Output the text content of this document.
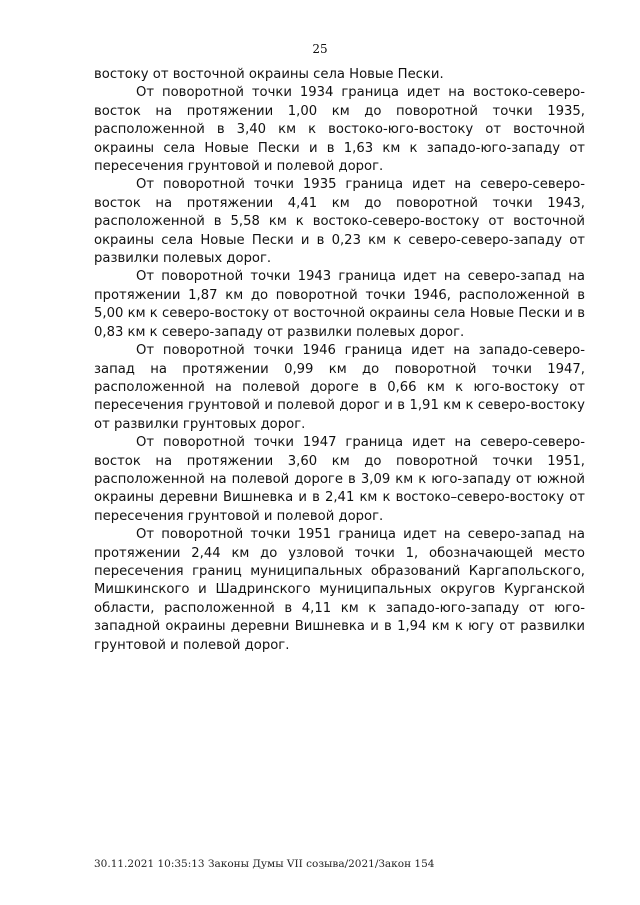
25

востоку от восточной окраины села Новые Пески.

От поворотной точки 1934 граница идет на востоко-северо-восток на протяжении 1,00 км до поворотной точки 1935, расположенной в 3,40 км к востоко-юго-востоку от восточной окраины села Новые Пески и в 1,63 км к западо-юго-западу от пересечения грунтовой и полевой дорог.

От поворотной точки 1935 граница идет на северо-северо-восток на протяжении 4,41 км до поворотной точки 1943, расположенной в 5,58 км к востоко-северо-востоку от восточной окраины села Новые Пески и в 0,23 км к северо-северо-западу от развилки полевых дорог.

От поворотной точки 1943 граница идет на северо-запад на протяжении 1,87 км до поворотной точки 1946, расположенной в 5,00 км к северо-востоку от восточной окраины села Новые Пески и в 0,83 км к северо-западу от развилки полевых дорог.

От поворотной точки 1946 граница идет на западо-северо-запад на протяжении 0,99 км до поворотной точки 1947, расположенной на полевой дороге в 0,66 км к юго-востоку от пересечения грунтовой и полевой дорог и в 1,91 км к северо-востоку от развилки грунтовых дорог.

От поворотной точки 1947 граница идет на северо-северо-восток на протяжении 3,60 км до поворотной точки 1951, расположенной на полевой дороге в 3,09 км к юго-западу от южной окраины деревни Вишневка и в 2,41 км к востоко–северо-востоку от пересечения грунтовой и полевой дорог.

От поворотной точки 1951 граница идет на северо-запад на протяжении 2,44 км до узловой точки 1, обозначающей место пересечения границ муниципальных образований Каргапольского, Мишкинского и Шадринского муниципальных округов Курганской области, расположенной в 4,11 км к западо-юго-западу от юго-западной окраины деревни Вишневка и в 1,94 км к югу от развилки грунтовой и полевой дорог.

30.11.2021 10:35:13 Законы Думы VII созыва/2021/Закон 154
